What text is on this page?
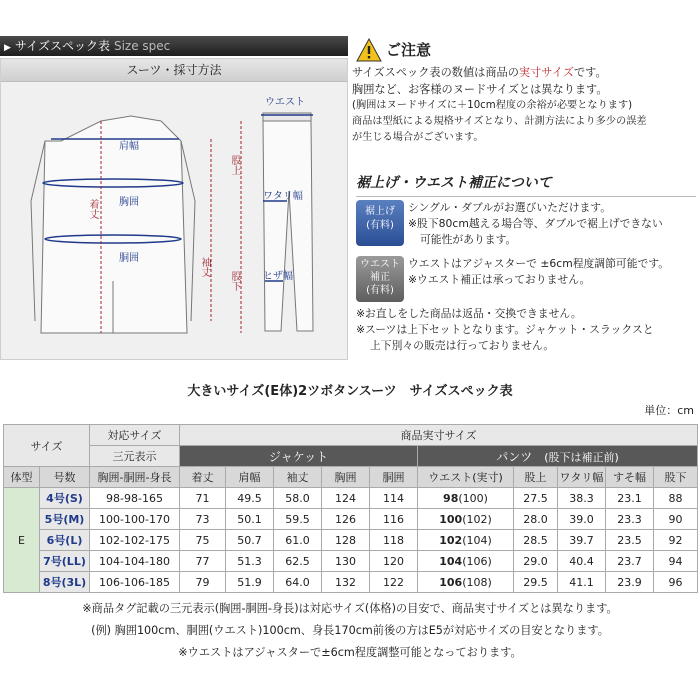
▶ サイズスペック表 Size spec
スーツ・採寸方法
肩幅
着丈 胸囲
胴囲	袖丈
ウエスト
股上
ワタリ幅
ヒザ幅
股下
ご注意

サイズスペック表の数値は商品の実寸サイズです。

胸囲など、お客様のヌードサイズとは異なります。

(胸囲はヌードサイズに＋10cm程度の余裕が必要となります)

商品は型紙による規格サイズとなり、計測方法により多少の誤差

が生じる場合がございます。

裾上げ・ウエスト補正について
裾上げ
(有料)
シングル・ダブルがお選びいただけます。
※股下80cm越える場合等、ダブルで裾上げできない
可能性があります。
ウエスト
補正
(有料)
ウエストはアジャスターで ±6cm程度調節可能です。
※ウエスト補正は承っておりません。
※お直しをした商品は返品・交換できません。
※スーツは上下セットとなります。ジャケット・スラックスと
上下別々の販売は行っておりません。
大きいサイズ(E体)2ツボタンスーツ　サイズスペック表
単位：cm
サイズ		対応サイズ	商品実寸サイズ									
		三元表示	ジャケット					パンツ　 (股下は補正前)				
体型	号数	胸囲-胴囲-身長	着丈	肩幅	袖丈	胸囲	胴囲	ウエスト(実寸)	股上	ワタリ幅	すそ幅	股下
E	4号(S)	98-98-165	71	49.5	58.0	124	114	98(100)	27.5	38.3	23.1	88
	5号(M)	100-100-170	73	50.1	59.5	126	116	100(102)	28.0	39.0	23.3	90
	6号(L)	102-102-175	75	50.7	61.0	128	118	102(104)	28.5	39.7	23.5	92
	7号(LL)	104-104-180	77	51.3	62.5	130	120	104(106)	29.0	40.4	23.7	94
	8号(3L)	106-106-185	79	51.9	64.0	132	122	106(108)	29.5	41.1	23.9	96
※商品タグ記載の三元表示(胸囲-胴囲-身長)は対応サイズ(体格)の目安で、商品実寸サイズとは異なります。
(例) 胸囲100cm、胴囲(ウエスト)100cm、身長170cm前後の方はE5が対応サイズの目安となります。
※ウエストはアジャスターで±6cm程度調整可能となっております。
